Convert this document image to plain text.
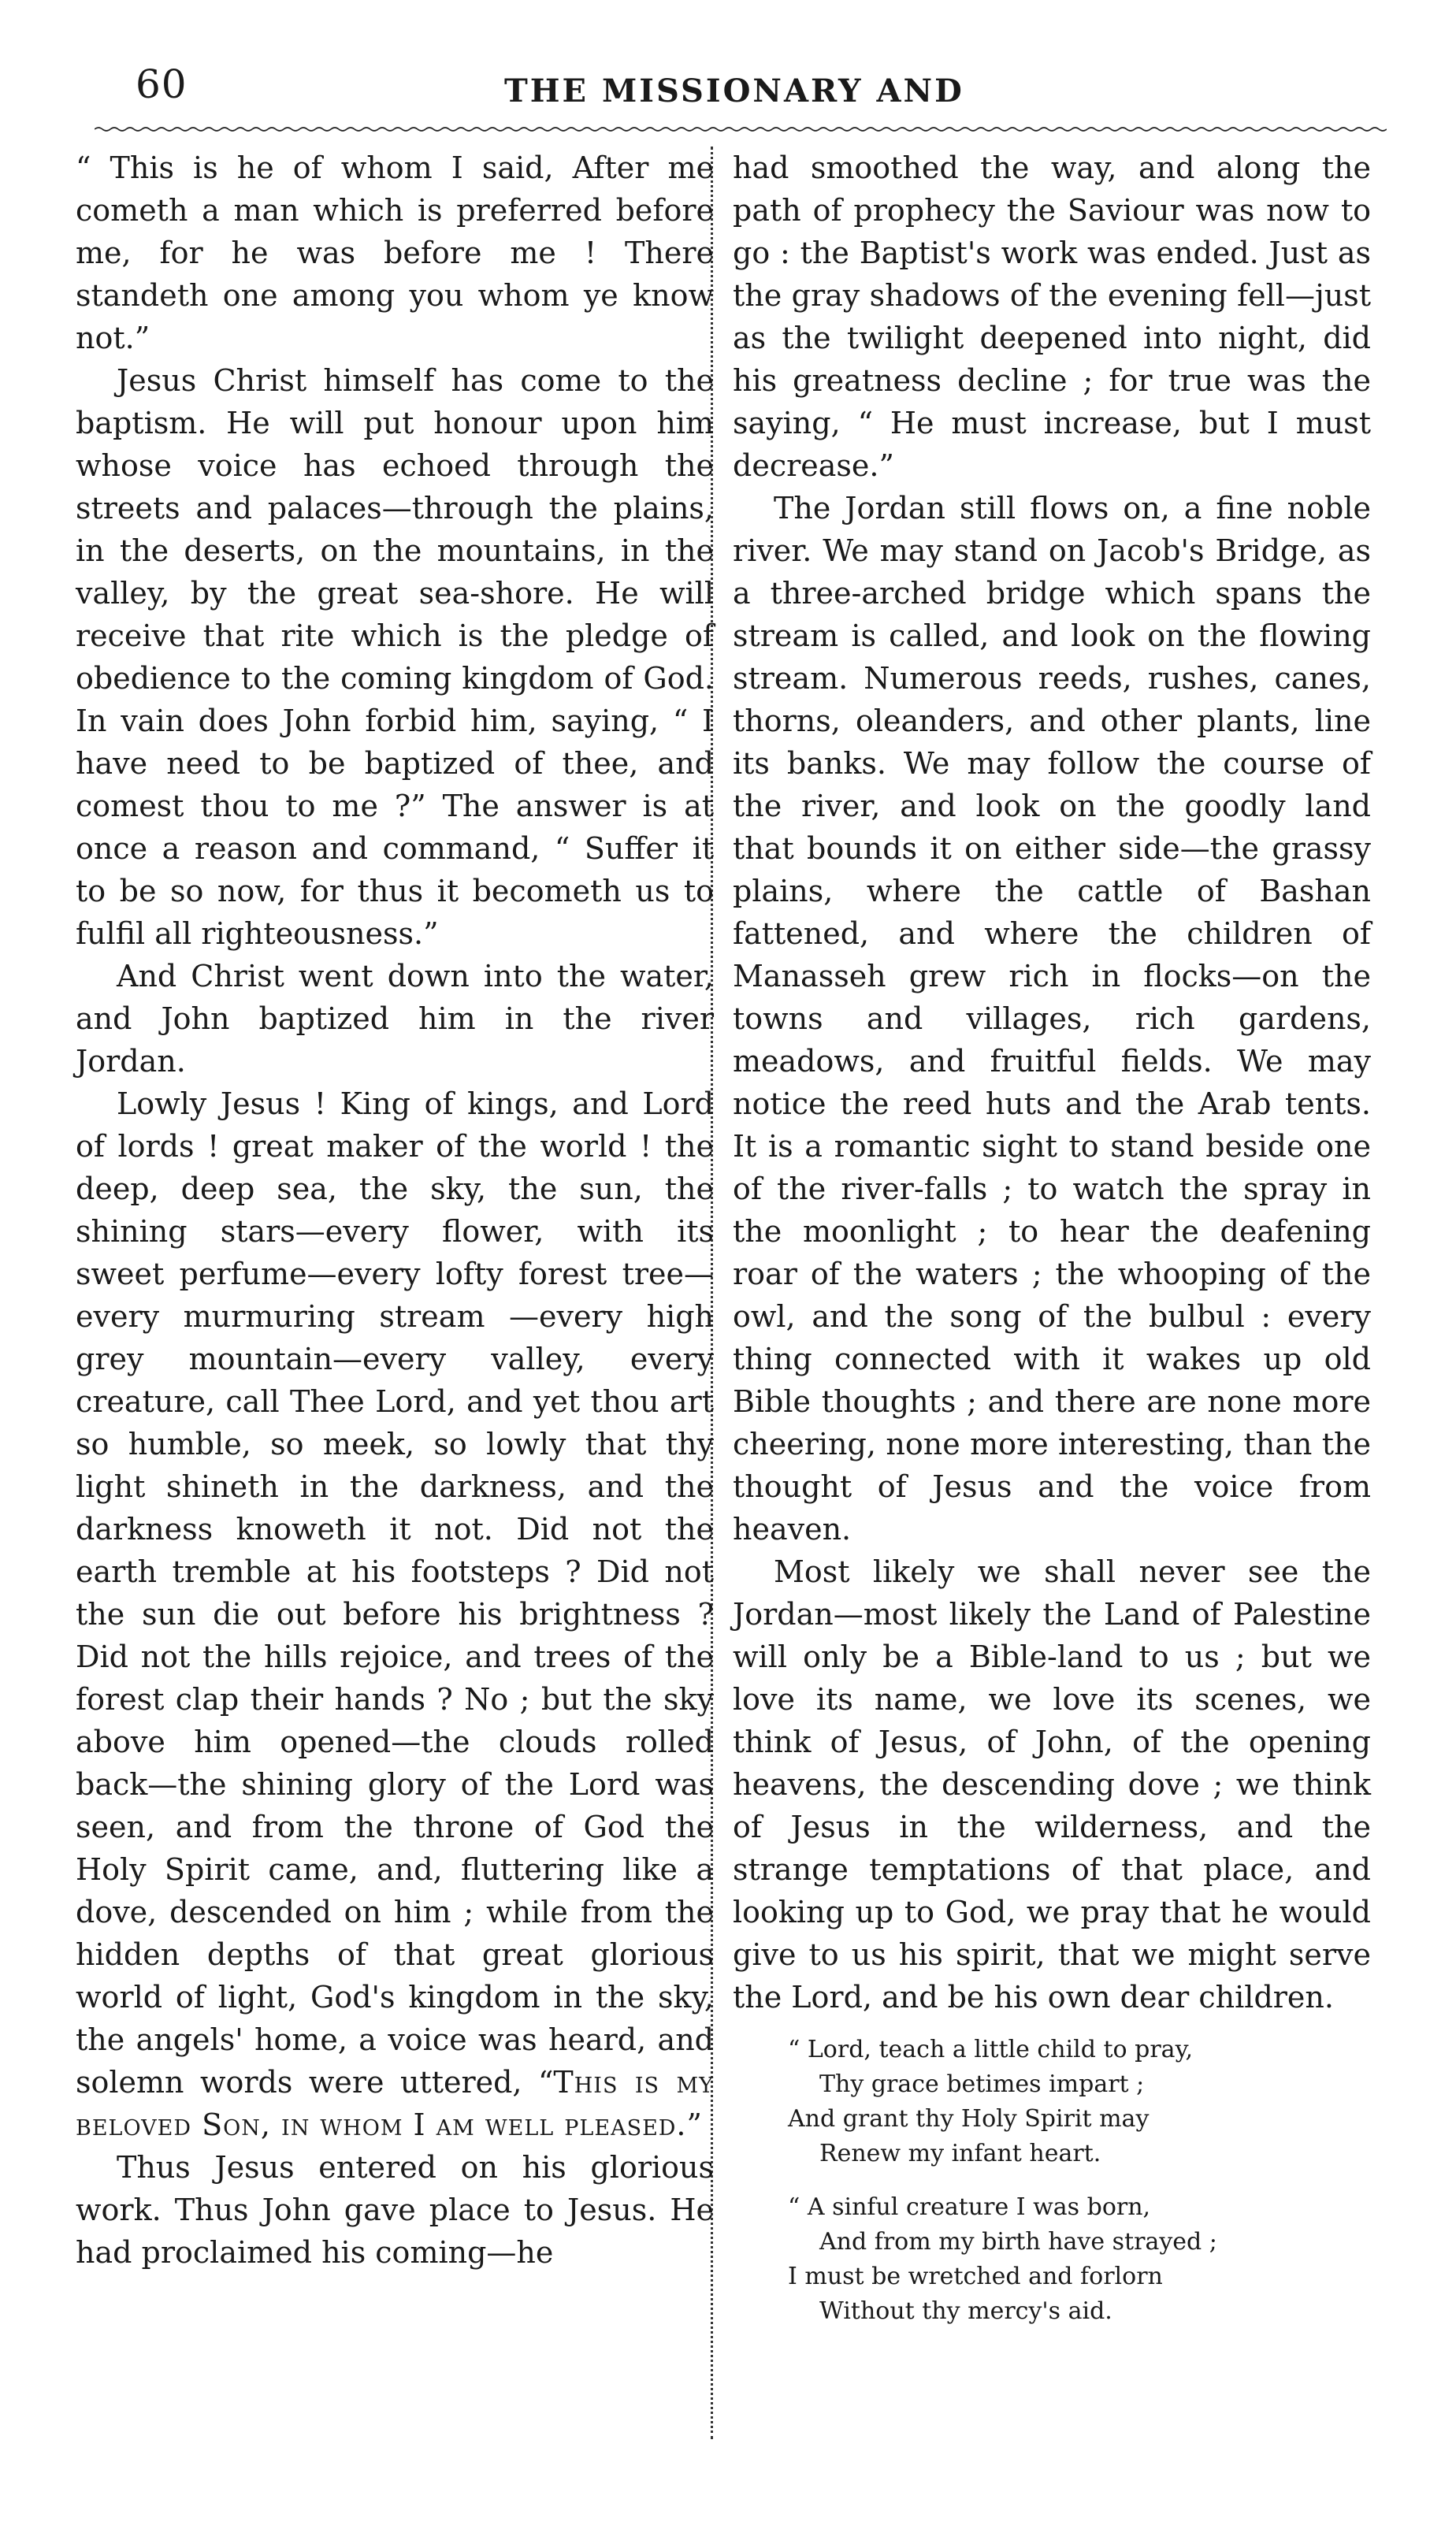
60	THE MISSIONARY AND

“ This is he of whom I said, After me cometh a man which is preferred before me, for he was before me ! There standeth one among you whom ye know not.”

Jesus Christ himself has come to the baptism. He will put honour upon him whose voice has echoed through the streets and palaces—through the plains, in the deserts, on the mountains, in the valley, by the great sea-shore. He will receive that rite which is the pledge of obedience to the coming kingdom of God. In vain does John forbid him, saying, “ I have need to be baptized of thee, and comest thou to me ?” The answer is at once a reason and command, “ Suffer it to be so now, for thus it becometh us to fulfil all righteousness.”

And Christ went down into the water, and John baptized him in the river Jordan.

Lowly Jesus ! King of kings, and Lord of lords ! great maker of the world ! the deep, deep sea, the sky, the sun, the shining stars—every flower, with its sweet perfume—every lofty forest tree—every murmuring stream —every high grey mountain—every valley, every creature, call Thee Lord, and yet thou art so humble, so meek, so lowly that thy light shineth in the darkness, and the darkness knoweth it not. Did not the earth tremble at his footsteps ? Did not the sun die out before his brightness ? Did not the hills rejoice, and trees of the forest clap their hands ? No ; but the sky above him opened—the clouds rolled back—the shining glory of the Lord was seen, and from the throne of God the Holy Spirit came, and, fluttering like a dove, descended on him ; while from the hidden depths of that great glorious world of light, God's kingdom in the sky, the angels' home, a voice was heard, and solemn words were uttered, “This is my beloved Son, in whom I am well pleased.”

Thus Jesus entered on his glorious work. Thus John gave place to Jesus. He had proclaimed his coming—he

had smoothed the way, and along the path of prophecy the Saviour was now to go : the Baptist's work was ended. Just as the gray shadows of the evening fell—just as the twilight deepened into night, did his greatness decline ; for true was the saying, “ He must increase, but I must decrease.”

The Jordan still flows on, a fine noble river. We may stand on Jacob's Bridge, as a three-arched bridge which spans the stream is called, and look on the flowing stream. Numerous reeds, rushes, canes, thorns, oleanders, and other plants, line its banks. We may follow the course of the river, and look on the goodly land that bounds it on either side—the grassy plains, where the cattle of Bashan fattened, and where the children of Manasseh grew rich in flocks—on the towns and villages, rich gardens, meadows, and fruitful fields. We may notice the reed huts and the Arab tents. It is a romantic sight to stand beside one of the river-falls ; to watch the spray in the moonlight ; to hear the deafening roar of the waters ; the whooping of the owl, and the song of the bulbul : every thing connected with it wakes up old Bible thoughts ; and there are none more cheering, none more interesting, than the thought of Jesus and the voice from heaven.

Most likely we shall never see the Jordan—most likely the Land of Palestine will only be a Bible-land to us ; but we love its name, we love its scenes, we think of Jesus, of John, of the opening heavens, the descending dove ; we think of Jesus in the wilderness, and the strange temptations of that place, and looking up to God, we pray that he would give to us his spirit, that we might serve the Lord, and be his own dear children.

“ Lord, teach a little child to pray,
Thy grace betimes impart ;
And grant thy Holy Spirit may
Renew my infant heart.
“ A sinful creature I was born,
And from my birth have strayed ;
I must be wretched and forlorn
Without thy mercy's aid.
